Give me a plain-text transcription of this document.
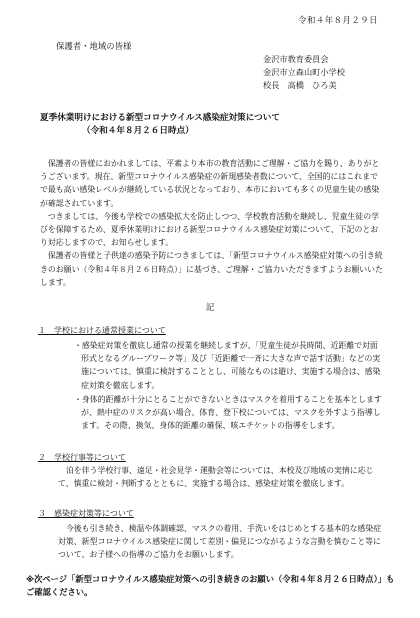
令和４年８月２９日
保護者・地域の皆様
金沢市教育委員会
金沢市立森山町小学校
校長　高橋　ひろ美
夏季休業明けにおける新型コロナウイルス感染症対策について
（令和４年８月２６日時点）

保護者の皆様におかれましては、平素より本市の教育活動にご理解・ご協力を賜り、ありがとうございます。現在、新型コロナウイルス感染症の新規感染者数について、全国的にはこれまでで最も高い感染レベルが継続している状況となっており、本市においても多くの児童生徒の感染が確認されています。

つきましては、今後も学校での感染拡大を防止しつつ、学校教育活動を継続し、児童生徒の学びを保障するため、夏季休業明けにおける新型コロナウイルス感染症対策について、下記のとおり対応しますので、お知らせします。

保護者の皆様と子供達の感染予防につきましては、「新型コロナウイルス感染症対策への引き続きのお願い（令和４年８月２６日時点）」に基づき、ご理解・ご協力いただきますようお願いいたします。

記
１　学校における通常授業について

・感染症対策を徹底し通常の授業を継続しますが、「児童生徒が長時間、近距離で対面形式となるグループワーク等」及び「近距離で一斉に大きな声で話す活動」などの実施については、慎重に検討することとし、可能なものは避け、実施する場合は、感染症対策を徹底します。

・身体的距離が十分にとることができないときはマスクを着用することを基本としますが、熱中症のリスクが高い場合、体育、登下校については、マスクを外すよう指導します。その際、換気、身体的距離の確保、咳エチケットの指導をします。

２　学校行事等について

泊を伴う学校行事、遠足・社会見学・運動会等については、本校及び地域の実情に応じて、慎重に検討・判断するとともに、実施する場合は、感染症対策を徹底します。

３　感染症対策等について

今後も引き続き、検温や体調確認、マスクの着用、手洗いをはじめとする基本的な感染症対策、新型コロナウイルス感染症に関して差別・偏見につながるような言動を慎むこと等について、お子様への指導のご協力をお願いします。

※次ページ「新型コロナウイルス感染症対策への引き続きのお願い（令和４年８月２６日時点）」もご確認ください。
